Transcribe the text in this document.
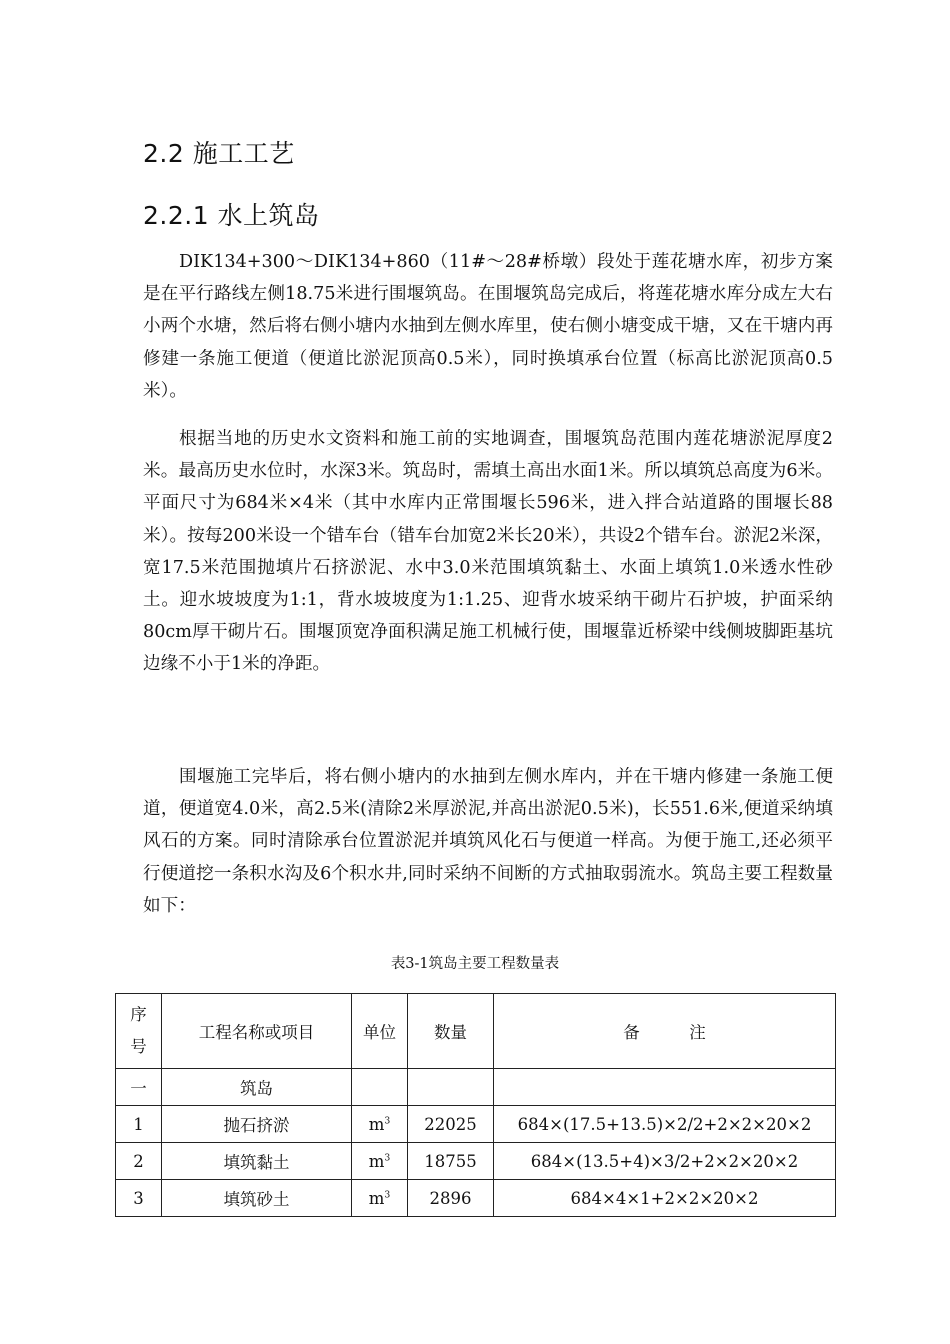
2.2 施工工艺
2.2.1 水上筑岛

DIK134+300～DIK134+860（11#～28#桥墩）段处于莲花塘水库，初步方案是在平行路线左侧18.75米进行围堰筑岛。在围堰筑岛完成后，将莲花塘水库分成左大右小两个水塘，然后将右侧小塘内水抽到左侧水库里，使右侧小塘变成干塘，又在干塘内再修建一条施工便道（便道比淤泥顶高0.5米），同时换填承台位置（标高比淤泥顶高0.5米）。

根据当地的历史水文资料和施工前的实地调查，围堰筑岛范围内莲花塘淤泥厚度2米。最高历史水位时，水深3米。筑岛时，需填土高出水面1米。所以填筑总高度为6米。平面尺寸为684米×4米（其中水库内正常围堰长596米，进入拌合站道路的围堰长88米）。按每200米设一个错车台（错车台加宽2米长20米），共设2个错车台。淤泥2米深，宽17.5米范围抛填片石挤淤泥、水中3.0米范围填筑黏土、水面上填筑1.0米透水性砂土。迎水坡坡度为1:1，背水坡坡度为1:1.25、迎背水坡采纳干砌片石护坡，护面采纳80cm厚干砌片石。围堰顶宽净面积满足施工机械行使，围堰靠近桥梁中线侧坡脚距基坑边缘不小于1米的净距。

围堰施工完毕后，将右侧小塘内的水抽到左侧水库内，并在干塘内修建一条施工便道，便道宽4.0米，高2.5米(清除2米厚淤泥,并高出淤泥0.5米)，长551.6米,便道采纳填风石的方案。同时清除承台位置淤泥并填筑风化石与便道一样高。为便于施工,还必须平行便道挖一条积水沟及6个积水井,同时采纳不间断的方式抽取弱流水。筑岛主要工程数量如下：

表3-1筑岛主要工程数量表
序
号	工程名称或项目	单位	数量	备　　　注
一	筑岛			
1	抛石挤淤	$m^3$	22025	684×(17.5+13.5)×2/2+2×2×20×2
2	填筑黏土	$m^3$	18755	684×(13.5+4)×3/2+2×2×20×2
3	填筑砂土	$m^3$	2896	684×4×1+2×2×20×2
